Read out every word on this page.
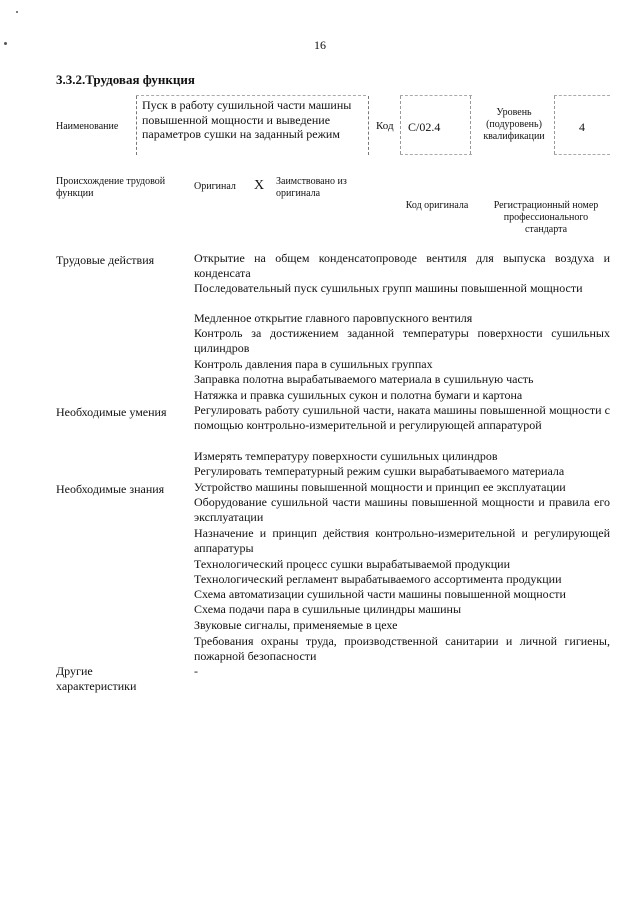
16
3.3.2.Трудовая функция
Наименование
Пуск в работу сушильной части машины повышенной мощности и выведение параметров сушки на заданный режим
Код С/02.4
Уровень (подуровень) квалификации
4
Происхождение трудовой функции
Оригинал X Заимствовано из оригинала
Код оригинала	Регистрационный номер профессионального стандарта
Трудовые действия	Открытие на общем конденсатопроводе вентиля для выпуска воздуха и конденсата
Последовательный пуск сушильных групп машины повышенной мощности
Медленное открытие главного паровпускного вентиля
Контроль за достижением заданной температуры поверхности сушильных цилиндров
Контроль давления пара в сушильных группах
Заправка полотна вырабатываемого материала в сушильную часть
Натяжка и правка сушильных сукон и полотна бумаги и картона
Необходимые умения Регулировать работу сушильной части, наката машины повышенной мощности с помощью контрольно-измерительной и регулирующей аппаратурой
Измерять температуру поверхности сушильных цилиндров
Регулировать температурный режим сушки вырабатываемого материала
Необходимые знания Устройство машины повышенной мощности и принцип ее эксплуатации
Оборудование сушильной части машины повышенной мощности и правила его эксплуатации
Назначение и принцип действия контрольно-измерительной и регулирующей аппаратуры
Технологический процесс сушки вырабатываемой продукции
Технологический регламент вырабатываемого ассортимента продукции
Схема автоматизации сушильной части машины повышенной мощности
Схема подачи пара в сушильные цилиндры машины
Звуковые сигналы, применяемые в цехе
Требования охраны труда, производственной санитарии и личной гигиены, пожарной безопасности
Другие характеристики
-
